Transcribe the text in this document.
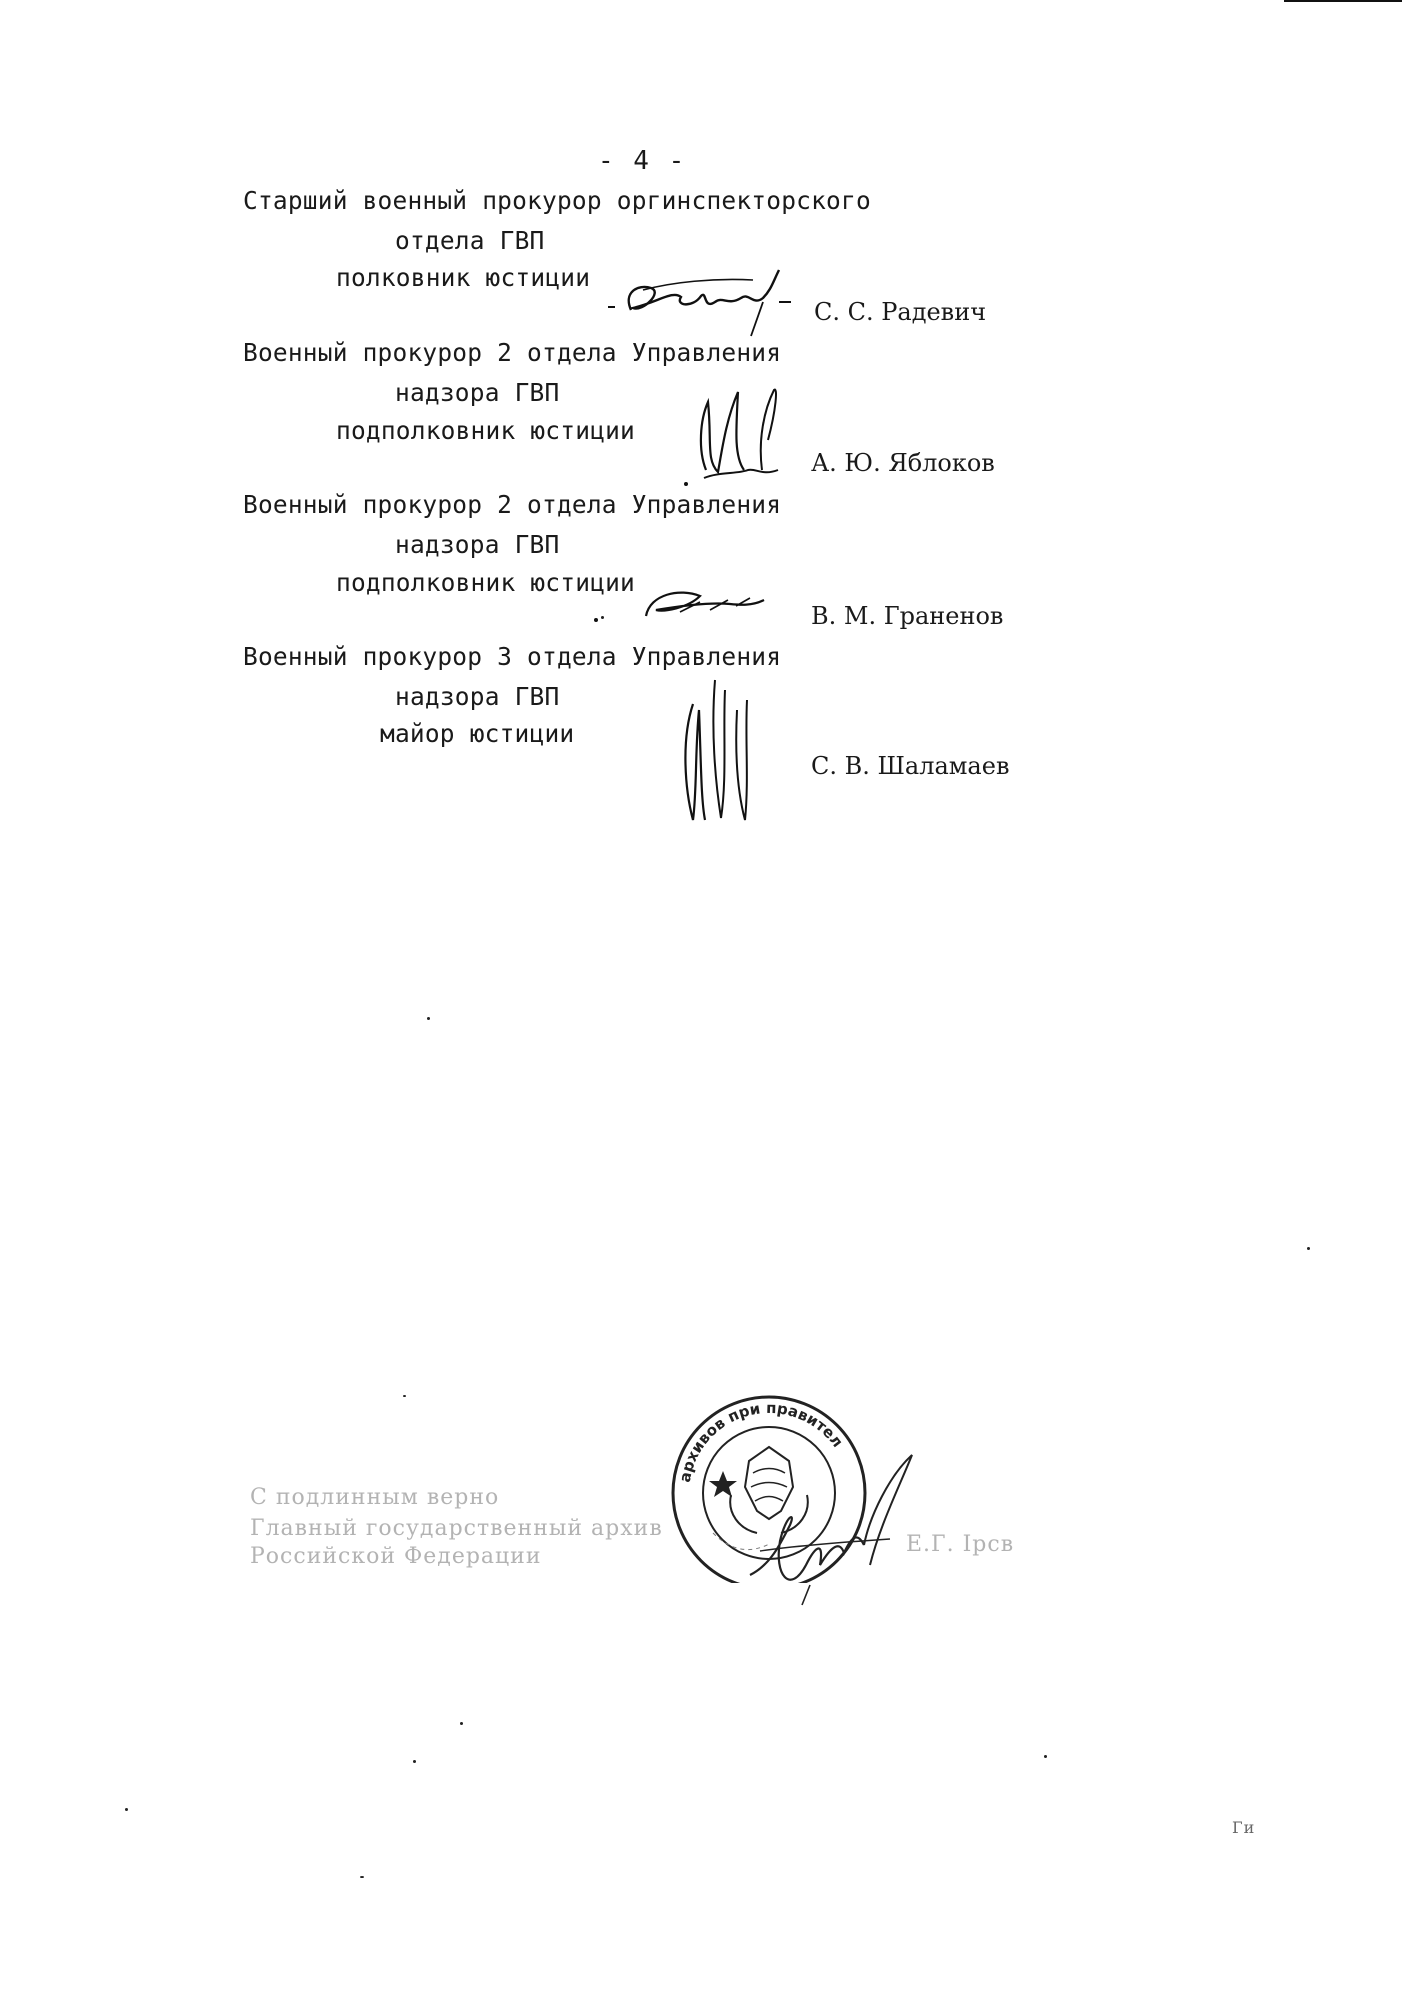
- 4 -
Старший военный прокурор оргинспекторского
отдела ГВП
полковник юстиции
С. С. Радевич
Военный прокурор 2 отдела Управления
надзора ГВП
подполковник юстиции
А. Ю. Яблоков
Военный прокурор 2 отдела Управления
надзора ГВП
подполковник юстиции
В. М. Граненов
Военный прокурор 3 отдела Управления
надзора ГВП
майор юстиции
С. В. Шаламаев
С подлинным верно
Главный государственный архив
Российской Федерации	Е.Г. Ірсв
архивов при правител
Ги
